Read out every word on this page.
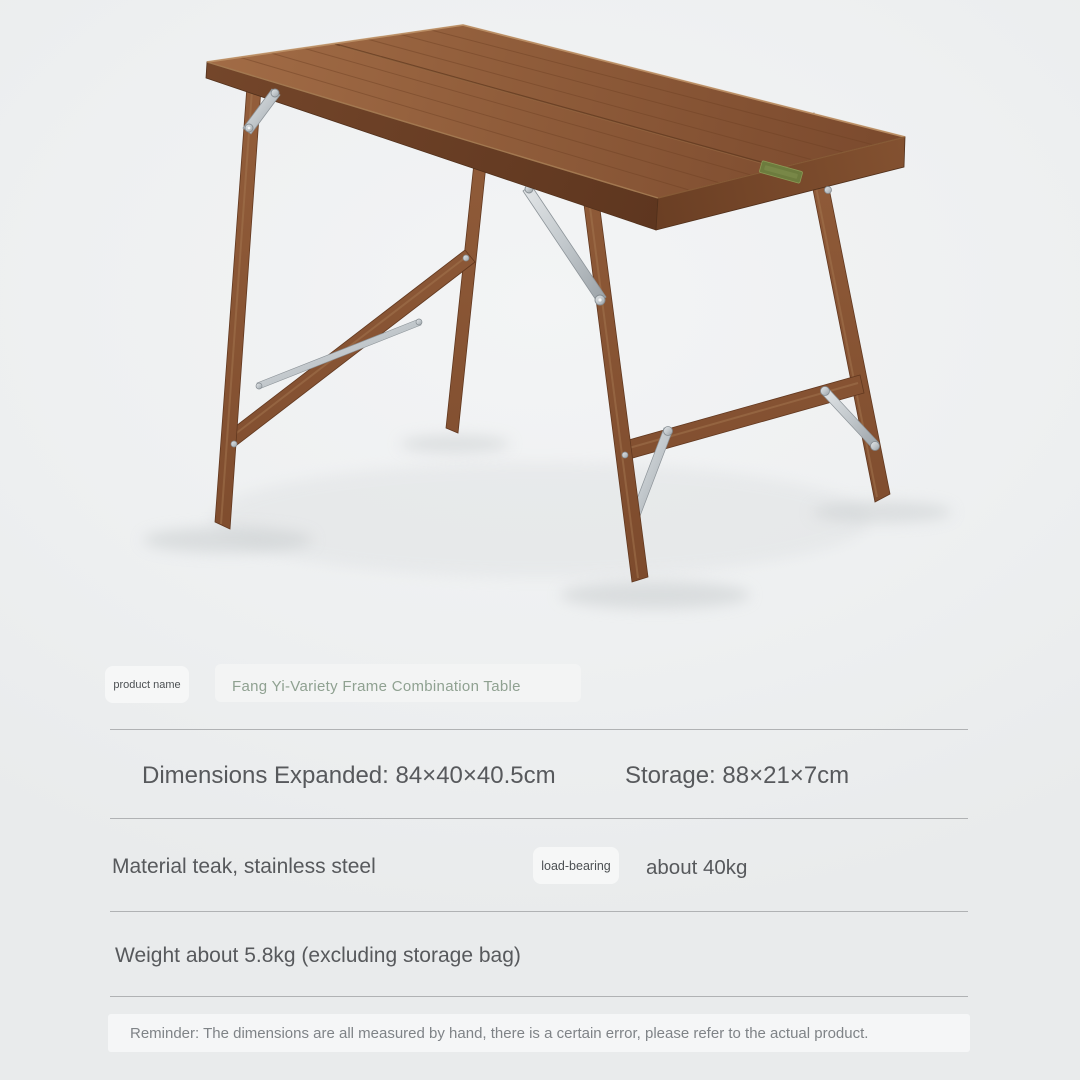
product name	Fang Yi-Variety Frame Combination Table
Dimensions Expanded: 84×40×40.5cm	Storage: 88×21×7cm
Material teak, stainless steel	load-bearing about 40kg
Weight about 5.8kg (excluding storage bag)
Reminder: The dimensions are all measured by hand, there is a certain error, please refer to the actual product.
